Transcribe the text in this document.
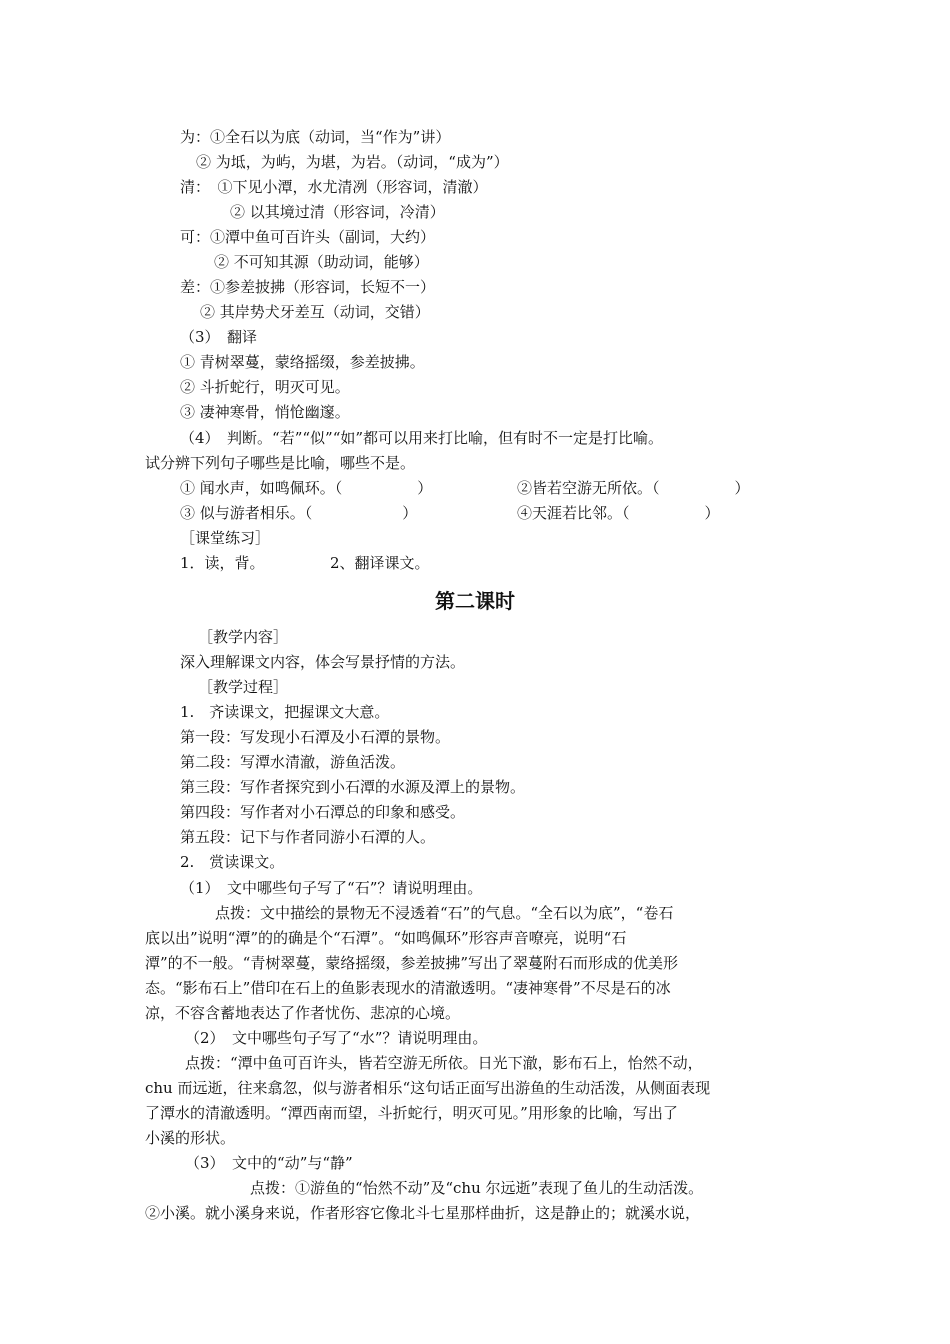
为：①全石以为底（动词，当“作为”讲）
② 为坻，为屿，为堪，为岩。（动词，“成为”）
清：　①下见小潭，水尤清冽（形容词，清澈）
② 以其境过清（形容词，冷清）
可：①潭中鱼可百许头（副词，大约）
② 不可知其源（助动词，能够）
差：①参差披拂（形容词，长短不一）
② 其岸势犬牙差互（动词，交错）
（3）　翻译
① 青树翠蔓，蒙络摇缀，参差披拂。
② 斗折蛇行，明灭可见。
③ 凄神寒骨，悄怆幽邃。
（4）　判断。“若”“似”“如”都可以用来打比喻，但有时不一定是打比喻。
试分辨下列句子哪些是比喻，哪些不是。
① 闻水声，如鸣佩环。（　　　　　）	②皆若空游无所依。（　　　　　）
③ 似与游者相乐。（　　　　　　）	④天涯若比邻。（　　　　　）
［课堂练习］
1．读，背。	2、翻译课文。
第二课时
［教学内容］
深入理解课文内容，体会写景抒情的方法。
［教学过程］
1.　齐读课文，把握课文大意。
第一段：写发现小石潭及小石潭的景物。
第二段：写潭水清澈，游鱼活泼。
第三段：写作者探究到小石潭的水源及潭上的景物。
第四段：写作者对小石潭总的印象和感受。
第五段：记下与作者同游小石潭的人。
2.　赏读课文。
（1）　文中哪些句子写了“石”？请说明理由。
点拨：文中描绘的景物无不浸透着“石”的气息。“全石以为底”，“卷石
底以出”说明“潭”的的确是个“石潭”。“如鸣佩环”形容声音嘹亮，说明“石
潭”的不一般。“青树翠蔓，蒙络摇缀，参差披拂”写出了翠蔓附石而形成的优美形
态。“影布石上”借印在石上的鱼影表现水的清澈透明。“凄神寒骨”不尽是石的冰
凉，不容含蓄地表达了作者忧伤、悲凉的心境。
（2）　文中哪些句子写了“水”？请说明理由。
点拨：“潭中鱼可百许头，皆若空游无所依。日光下澈，影布石上，怡然不动，
chu 而远逝，往来翕忽，似与游者相乐“这句话正面写出游鱼的生动活泼，从侧面表现
了潭水的清澈透明。“潭西南而望，斗折蛇行，明灭可见。”用形象的比喻，写出了
小溪的形状。
（3）　文中的“动”与“静”
点拨：①游鱼的“怡然不动”及“chu 尔远逝”表现了鱼儿的生动活泼。
②小溪。就小溪身来说，作者形容它像北斗七星那样曲折，这是静止的；就溪水说，
